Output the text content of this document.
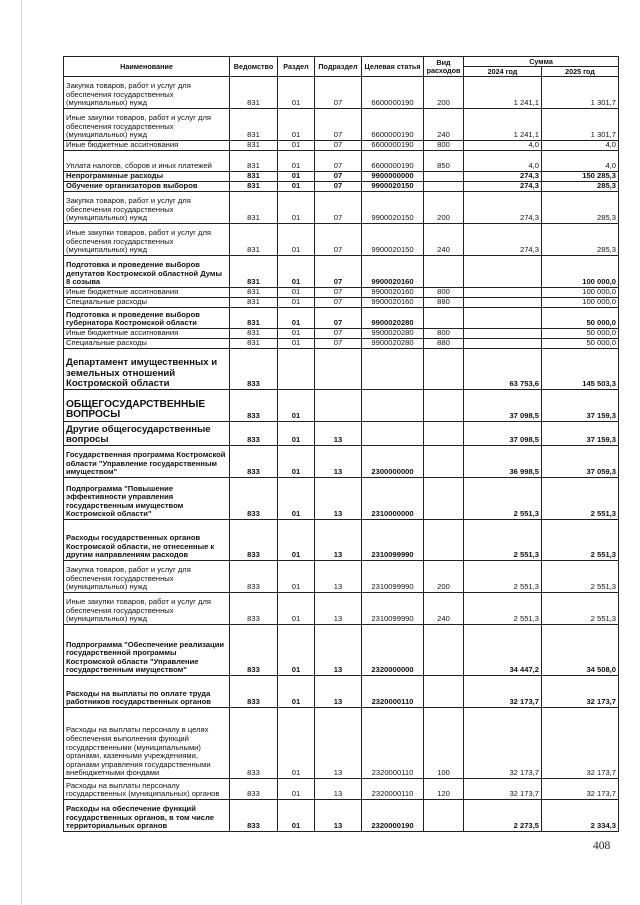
Наименование	Ведомство	Раздел	Подраздел	Целевая статья	Вид расходов	Сумма	
						2024 год	2025 год
Закупка товаров, работ и услуг для обеспечения государственных (муниципальных) нужд	831	01	07	6600000190	200	1 241,1	1 301,7
Иные закупки товаров, работ и услуг для обеспечения государственных (муниципальных) нужд	831	01	07	6600000190	240	1 241,1	1 301,7
Иные бюджетные ассигнования	831	01	07	6600000190	800	4,0	4,0
Уплата налогов, сборов и иных платежей	831	01	07	6600000190	850	4,0	4,0
Непрограммные расходы	831	01	07	9900000000		274,3	150 285,3
Обучение организаторов выборов	831	01	07	9900020150		274,3	285,3
Закупка товаров, работ и услуг для обеспечения государственных (муниципальных) нужд	831	01	07	9900020150	200	274,3	285,3
Иные закупки товаров, работ и услуг для обеспечения государственных (муниципальных) нужд	831	01	07	9900020150	240	274,3	285,3
Подготовка и проведение выборов депутатов Костромской областной Думы 8 созыва	831	01	07	9900020160			100 000,0
Иные бюджетные ассигнования	831	01	07	9900020160	800		100 000,0
Специальные расходы	831	01	07	9900020160	880		100 000,0
Подготовка и проведение выборов губернатора Костромской области	831	01	07	9900020280			50 000,0
Иные бюджетные ассигнования	831	01	07	9900020280	800		50 000,0
Специальные расходы	831	01	07	9900020280	880		50 000,0
Департамент имущественных и земельных отношений Костромской области	833					63 753,6	145 503,3
ОБЩЕГОСУДАРСТВЕННЫЕ ВОПРОСЫ	833	01				37 098,5	37 159,3
Другие общегосударственные вопросы	833	01	13			37 098,5	37 159,3
Государственная программа Костромской области "Управление государственным имуществом"	833	01	13	2300000000		36 998,5	37 059,3
Подпрограмма "Повышение эффективности управления государственным имуществом Костромской области"	833	01	13	2310000000		2 551,3	2 551,3
Расходы государственных органов Костромской области, не отнесенные к другим направлениям расходов	833	01	13	2310099990		2 551,3	2 551,3
Закупка товаров, работ и услуг для обеспечения государственных (муниципальных) нужд	833	01	13	2310099990	200	2 551,3	2 551,3
Иные закупки товаров, работ и услуг для обеспечения государственных (муниципальных) нужд	833	01	13	2310099990	240	2 551,3	2 551,3
Подпрограмма "Обеспечение реализации государственной программы Костромской области "Управление государственным имуществом"	833	01	13	2320000000		34 447,2	34 508,0
Расходы на выплаты по оплате труда работников государственных органов	833	01	13	2320000110		32 173,7	32 173,7
Расходы на выплаты персоналу в целях обеспечения выполнения функций государственными (муниципальными) органами, казенными учреждениями, органами управления государственными внебюджетными фондами	833	01	13	2320000110	100	32 173,7	32 173,7
Расходы на выплаты персоналу государственных (муниципальных) органов	833	01	13	2320000110	120	32 173,7	32 173,7
Расходы на обеспечение функций государственных органов, в том числе территориальных органов	833	01	13	2320000190		2 273,5	2 334,3
408
